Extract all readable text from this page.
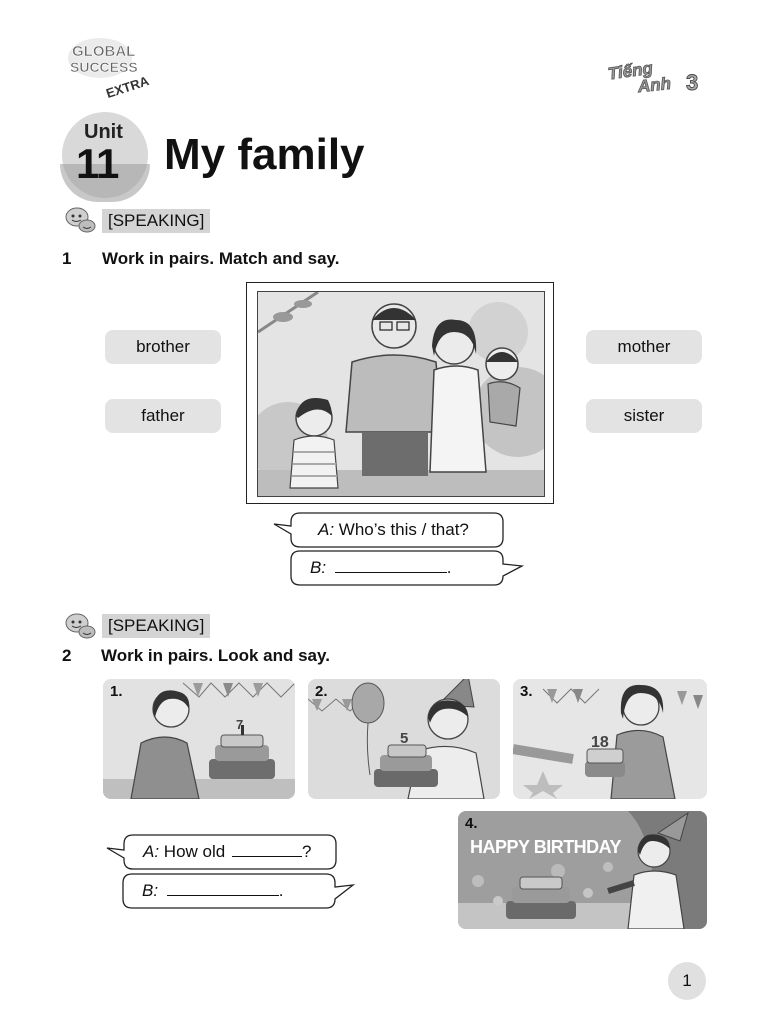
GLOBAL
SUCCESS
EXTRA
Tiếng
Anh 3
Unit
11 My family
[SPEAKING]
1 Work in pairs. Match and say.
brother
father
mother
sister
A: Who’s this / that?
B:	.
[SPEAKING]
2 Work in pairs. Look and say.
7
1.
5
2.
18
3.
HAPPY BIRTHDAY
4.
A: How old	?
B:	.
1
